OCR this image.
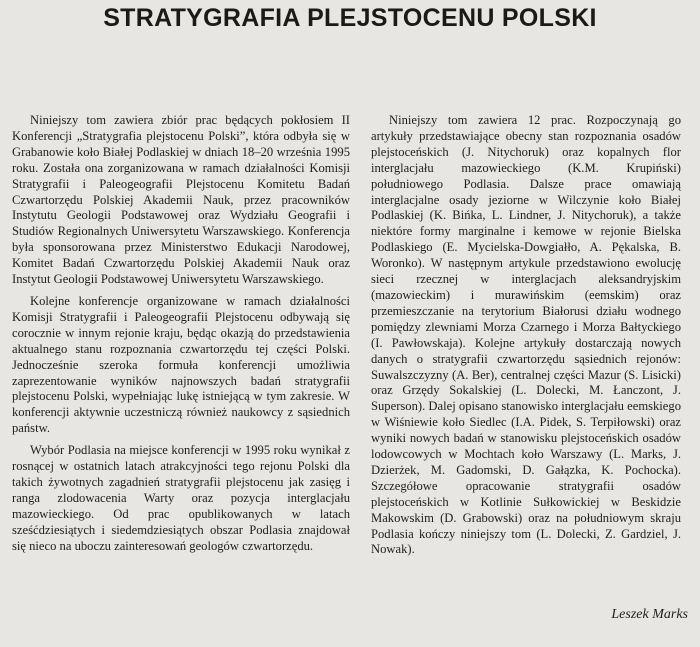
STRATYGRAFIA PLEJSTOCENU POLSKI

Niniejszy tom zawiera zbiór prac będących pokłosiem II Konferencji „Stratygrafia plejstocenu Polski”, która odbyła się w Grabanowie koło Białej Podlaskiej w dniach 18–20 września 1995 roku. Została ona zorganizowana w ramach działalności Komisji Stratygrafii i Paleogeografii Plejstocenu Komitetu Badań Czwartorzędu Polskiej Akademii Nauk, przez pracowników Instytutu Geologii Podstawowej oraz Wydziału Geografii i Studiów Regionalnych Uniwersytetu Warszawskiego. Konferencja była sponsorowana przez Ministerstwo Edukacji Narodowej, Komitet Badań Czwartorzędu Polskiej Akademii Nauk oraz Instytut Geologii Podstawowej Uniwersytetu Warszawskiego.

Kolejne konferencje organizowane w ramach działalności Komisji Stratygrafii i Paleogeografii Plejstocenu odbywają się corocznie w innym rejonie kraju, będąc okazją do przedstawienia aktualnego stanu rozpoznania czwartorzędu tej części Polski. Jednocześnie szeroka formuła konferencji umożliwia zaprezentowanie wyników najnowszych badań stratygrafii plejstocenu Polski, wypełniając lukę istniejącą w tym zakresie. W konferencji aktywnie uczestniczą również naukowcy z sąsiednich państw.

Wybór Podlasia na miejsce konferencji w 1995 roku wynikał z rosnącej w ostatnich latach atrakcyjności tego rejonu Polski dla takich żywotnych zagadnień stratygrafii plejstocenu jak zasięg i ranga zlodowacenia Warty oraz pozycja interglacjału mazowieckiego. Od prac opublikowanych w latach sześćdziesiątych i siedemdziesiątych obszar Podlasia znajdował się nieco na uboczu zainteresowań geologów czwartorzędu.

Niniejszy tom zawiera 12 prac. Rozpoczynają go artykuły przedstawiające obecny stan rozpoznania osadów plejstoceńskich (J. Nitychoruk) oraz kopalnych flor interglacjału mazowieckiego (K.M. Krupiński) południowego Podlasia. Dalsze prace omawiają interglacjalne osady jeziorne w Wilczynie koło Białej Podlaskiej (K. Bińka, L. Lindner, J. Nitychoruk), a także niektóre formy marginalne i kemowe w rejonie Bielska Podlaskiego (E. Mycielska-Dowgiałło, A. Pękalska, B. Woronko). W następnym artykule przedstawiono ewolucję sieci rzecznej w interglacjach aleksandryjskim (mazowieckim) i murawińskim (eemskim) oraz przemieszczanie na terytorium Białorusi działu wodnego pomiędzy zlewniami Morza Czarnego i Morza Bałtyckiego (I. Pawłowskaja). Kolejne artykuły dostarczają nowych danych o stratygrafii czwartorzędu sąsiednich rejonów: Suwalszczyzny (A. Ber), centralnej części Mazur (S. Lisicki) oraz Grzędy Sokalskiej (L. Dolecki, M. Łanczont, J. Superson). Dalej opisano stanowisko interglacjału eemskiego w Wiśniewie koło Siedlec (I.A. Pidek, S. Terpiłowski) oraz wyniki nowych badań w stanowisku plejstoceńskich osadów lodowcowych w Mochtach koło Warszawy (L. Marks, J. Dzierżek, M. Gadomski, D. Gałązka, K. Pochocka). Szczegółowe opracowanie stratygrafii osadów plejstoceńskich w Kotlinie Sułkowickiej w Beskidzie Makowskim (D. Grabowski) oraz na południowym skraju Podlasia kończy niniejszy tom (L. Dolecki, Z. Gardziel, J. Nowak).

Leszek Marks
